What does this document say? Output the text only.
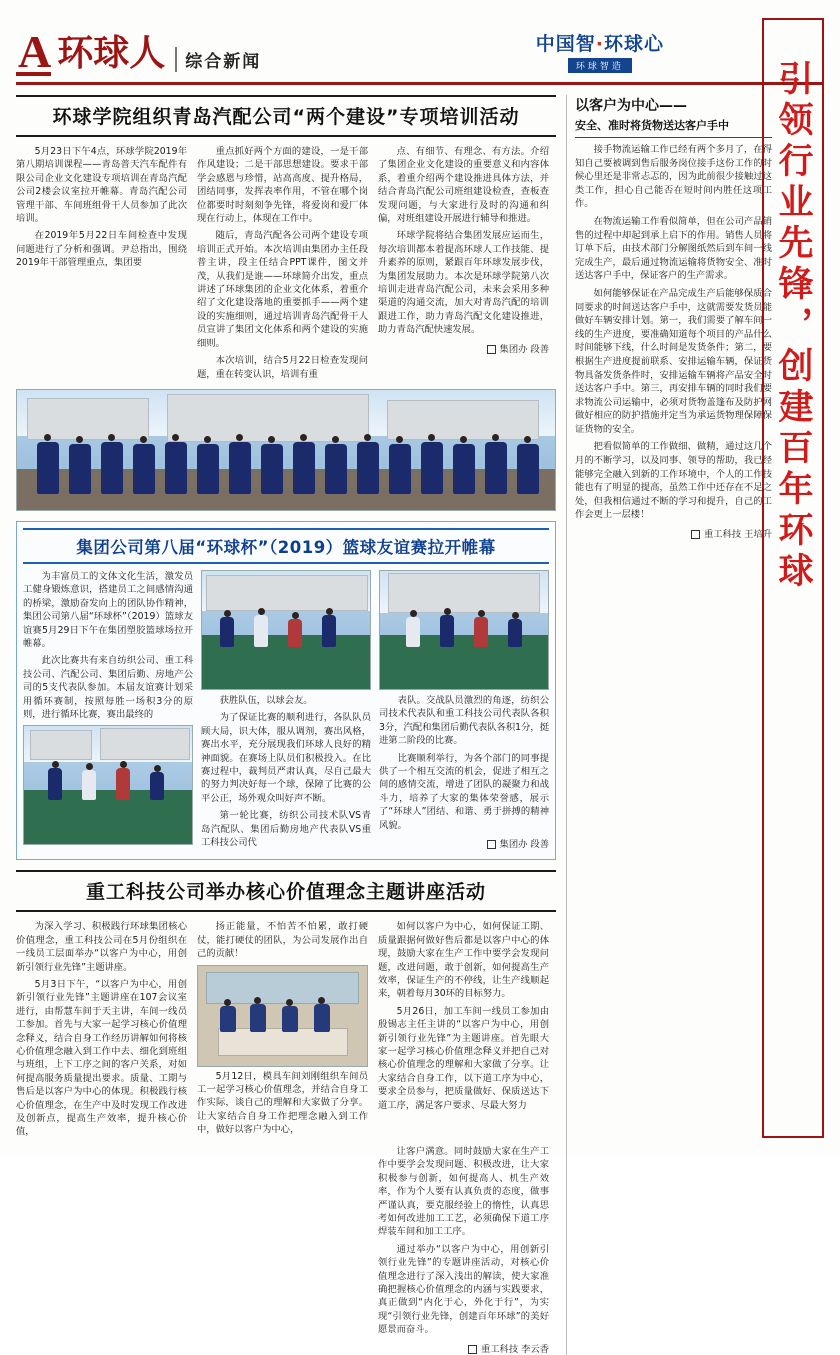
A 环球人	综合新闻
中国智·环球心
环球智造	引领行业先锋，创建百年环球
环球学院组织青岛汽配公司“两个建设”专项培训活动

5月23日下午4点，环球学院2019年第八期培训课程——青岛普天汽车配件有限公司企业文化建设专项培训在青岛汽配公司2楼会议室拉开帷幕。青岛汽配公司管理干部、车间班组骨干人员参加了此次培训。

在2019年5月22日车间检查中发现问题进行了分析和强调。尹总指出，围绕2019年干部管理重点，集团要

重点抓好两个方面的建设，一是干部作风建设；二是干部思想建设。要求干部学会感恩与珍惜，站高高度、提升格局，团结同事，发挥表率作用，不管在哪个岗位都要时时刻刻争先锋，将爱岗和爱厂体现在行动上，体现在工作中。

随后，青岛汽配各公司两个建设专项培训正式开始。本次培训由集团办主任段普主讲，段主任结合PPT课件，图文并茂，从我们是谁——环球简介出发，重点讲述了环球集团的企业文化体系，着重介绍了文化建设落地的重要抓手——两个建设的实施细则，通过培训青岛汽配骨干人员宣讲了集团文化体系和两个建设的实施细则。

本次培训，结合5月22日检查发现问题，重在转变认识，培训有重

点、有细节、有理念、有方法。介绍了集团企业文化建设的重要意义和内容体系，着重介绍两个建设推进具体方法，并结合青岛汽配公司班组建设检查，查板查发现问题，与大家进行及时的沟通和纠偏，对班组建设开展进行辅导和推进。

环球学院将结合集团发展应运而生，每次培训都本着提高环球人工作技能、提升素养的原则，紧跟百年环球发展步伐，为集团发展助力。本次是环球学院第八次培训走进青岛汽配公司，未来会采用多种渠道的沟通交流，加大对青岛汽配的培训跟进工作，助力青岛汽配文化建设推进，助力青岛汽配快速发展。

集团办 段善
集团公司第八届“环球杯”（2019）篮球友谊赛拉开帷幕

为丰富员工的文体文化生活，激发员工健身锻炼意识，搭建员工之间感情沟通的桥梁，激励奋发向上的团队协作精神，集团公司第八届“环球杯”（2019）篮球友谊赛5月29日下午在集团塑胶篮球场拉开帷幕。

此次比赛共有来自纺织公司、重工科技公司、汽配公司、集团后勤、房地产公司的5支代表队参加。本届友谊赛计划采用循环赛制，按照每胜一场积3分的原则，进行循环比赛，赛出最终的

获胜队伍，以球会友。

为了保证比赛的顺利进行，各队队员顾大局，识大体，服从调剂，赛出风格，赛出水平，充分展现我们环球人良好的精神面貌。在赛场上队员们积极投入。在比赛过程中，裁判员严肃认真，尽自己最大的努力判决好每一个球，保障了比赛的公平公正，场外观众叫好声不断。

第一轮比赛，纺织公司技术队VS青岛汽配队、集团后勤房地产代表队VS重工科技公司代

表队。交战队员激烈的角逐，纺织公司技术代表队和重工科技公司代表队各积3分，汽配和集团后勤代表队各积1分，挺进第二阶段的比赛。

比赛顺利举行，为各个部门的同事提供了一个相互交流的机会，促进了相互之间的感情交流，增进了团队的凝聚力和战斗力，培养了大家的集体荣誉感，展示了“环球人”团结、和谐、勇于拼搏的精神风貌。

集团办 段善
重工科技公司举办核心价值理念主题讲座活动

为深入学习、积极践行环球集团核心价值理念，重工科技公司在5月份组织在一线员工层面举办“以客户为中心，用创新引领行业先锋”主题讲座。

5月3日下午，“以客户为中心，用创新引领行业先锋”主题讲座在107会议室进行，由帮慧车间于天主讲，车间一线员工参加。首先与大家一起学习核心价值理念释义，结合自身工作经历讲解如何将核心价值理念融入到工作中去、细化到班组与班组，上下工序之间的客户关系，对如何提高服务质量提出要求。质量、工期与售后是以客户为中心的体现。积极践行核心价值理念，在生产中及时发现工作改进及创新点，提高生产效率，提升核心价值，

扬正能量，不怕苦不怕累，敢打硬仗，能打硬仗的团队，为公司发展作出自己的贡献！

5月12日，模具车间刘刚组织车间员工一起学习核心价值理念，并结合自身工作实际，谈自己的理解和大家做了分享。让大家结合自身工作把理念融入到工作中，做好以客户为中心，

如何以客户为中心，如何保证工期、质量跟据何做好售后都是以客户中心的体现，鼓励大家在生产工作中要学会发现问题，改进问题，敢于创新，如何提高生产效率，保证生产的不停线，让生产线顺起来，朝着每月30环的目标努力。

5月26日，加工车间一线员工参加由殷锡志主任主讲的“以客户为中心，用创新引领行业先锋”为主题讲座。首先眼大家一起学习核心价值理念释义并把自己对核心价值理念的理解和大家做了分享。让大家结合自身工作，以下道工序为中心，要求全员参与，把质量做好、保质送达下道工序，满足客户要求、尽最大努力

让客户满意。同时鼓励大家在生产工作中要学会发现问题、积极改进，让大家积极参与创新，如何提高人、机生产效率，作为个人要有认真负责的态度，做事严谨认真，要克服经验上的惰性，认真思考如何改进加工工艺，必须确保下道工序焊装车间和加工工序。

通过举办“以客户为中心，用创新引领行业先锋”的专题讲座活动，对核心价值理念进行了深入浅出的解读，使大家准确把握核心价值理念的内涵与实践要求，真正做到“内化于心，外化于行”，为实现“引领行业先锋，创建百年环球”的美好愿景而奋斗。

重工科技 李云香
以客户为中心——
安全、准时将货物送达客户手中

接手物流运输工作已经有两个多月了，在得知自己要被调到售后服务岗位接手这份工作的时候心里还是非常忐忑的，因为此前很少接触过这类工作，担心自己能否在短时间内胜任这项工作。

在物流运输工作看似简单，但在公司产品销售的过程中却起到承上启下的作用。销售人员将订单下后，由技术部门分解图纸然后到车间一线完成生产，最后通过物流运输将货物安全、准时送达客户手中，保证客户的生产需求。

如何能够保证在产品完成生产后能够保质合同要求的时间送达客户手中，这就需要发货员能做好车辆安排计划。第一，我们需要了解车间一线的生产进度，要准确知道每个项目的产品什么时间能够下线，什么时间是发货条件；第二，要根据生产进度提前联系、安排运输车辆，保证货物具备发货条件时，安排运输车辆将产品安全时送达客户手中。第三，再安排车辆的同时我们要求物流公司运输中，必须对货物盖篷布及防护网做好相应的防护措施并定当为承运货物理保障保证货物的安全。

把看似简单的工作做细、做精，通过这几个月的不断学习，以及同事、领导的帮助，我已经能够完全融入到新的工作环境中，个人的工作技能也有了明显的提高，虽然工作中还存在不足之处，但我相信通过不断的学习和提升，自己的工作会更上一层楼！

重工科技 王培升
